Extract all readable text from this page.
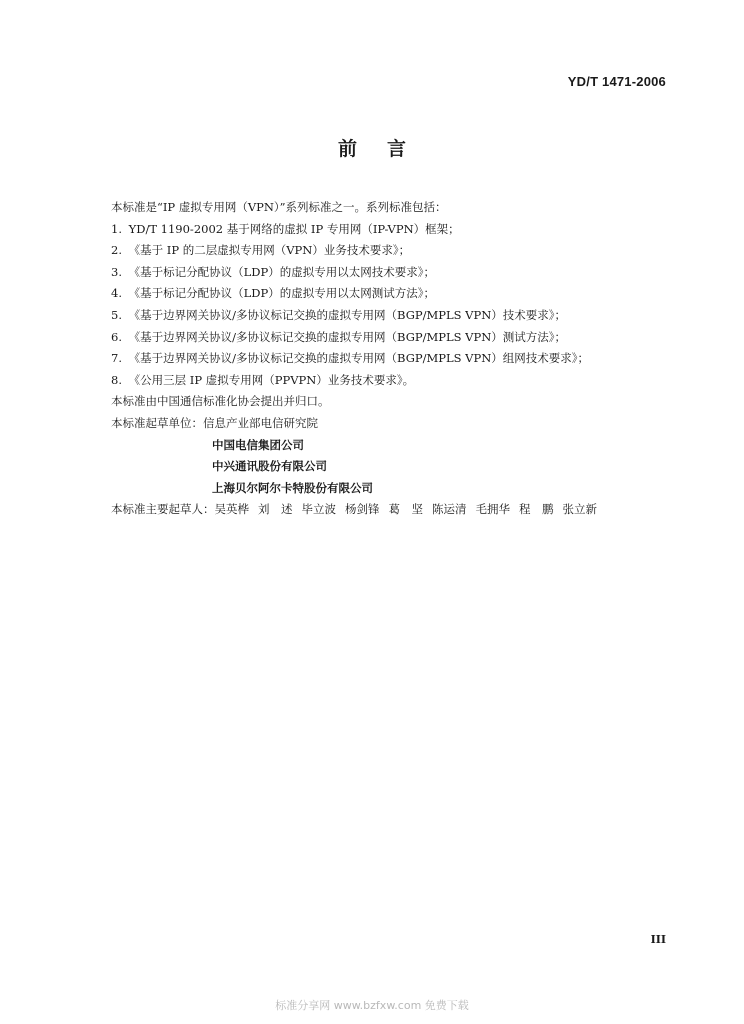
YD/T 1471-2006
前言
本标准是“IP 虚拟专用网（VPN）”系列标准之一。系列标准包括：
1. YD/T 1190-2002 基于网络的虚拟 IP 专用网（IP-VPN）框架；
2. 《基于 IP 的二层虚拟专用网（VPN）业务技术要求》；
3. 《基于标记分配协议（LDP）的虚拟专用以太网技术要求》；
4. 《基于标记分配协议（LDP）的虚拟专用以太网测试方法》；
5. 《基于边界网关协议/多协议标记交换的虚拟专用网（BGP/MPLS VPN）技术要求》；
6. 《基于边界网关协议/多协议标记交换的虚拟专用网（BGP/MPLS VPN）测试方法》；
7. 《基于边界网关协议/多协议标记交换的虚拟专用网（BGP/MPLS VPN）组网技术要求》；
8. 《公用三层 IP 虚拟专用网（PPVPN）业务技术要求》。
本标准由中国通信标准化协会提出并归口。
本标准起草单位：信息产业部电信研究院
中国电信集团公司
中兴通讯股份有限公司
上海贝尔阿尔卡特股份有限公司
本标准主要起草人：吴英桦 刘　述 毕立波 杨剑锋 葛　坚 陈运清 毛拥华 程　鹏 张立新
III
标准分享网 www.bzfxw.com 免费下载
